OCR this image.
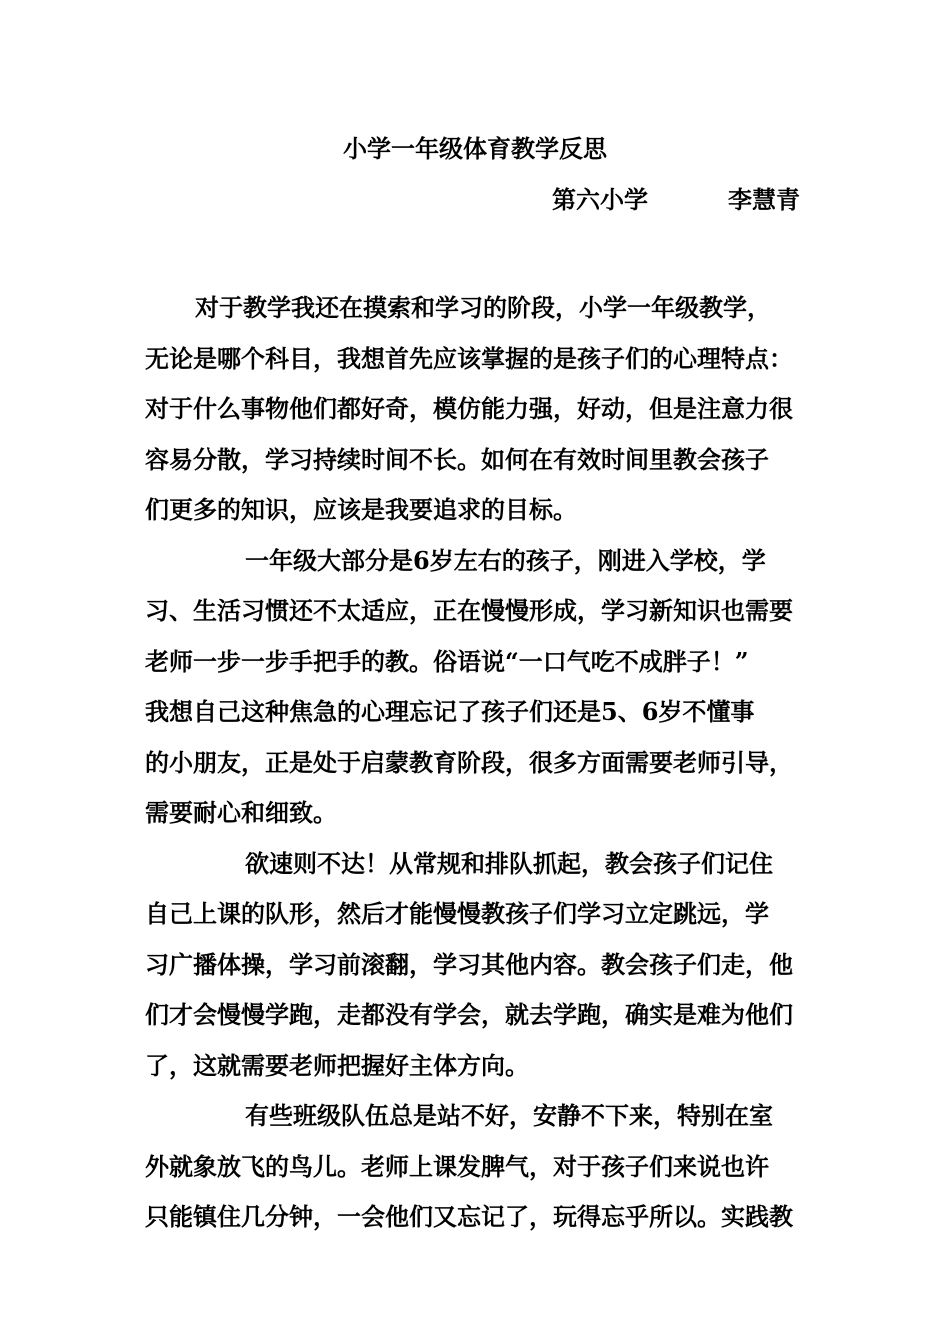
小学一年级体育教学反思
第六小学	李慧青
对于教学我还在摸索和学习的阶段，小学一年级教学，
无论是哪个科目，我想首先应该掌握的是孩子们的心理特点：
对于什么事物他们都好奇，模仿能力强，好动，但是注意力很
容易分散，学习持续时间不长。如何在有效时间里教会孩子
们更多的知识，应该是我要追求的目标。
一年级大部分是6岁左右的孩子，刚进入学校，学
习、生活习惯还不太适应，正在慢慢形成，学习新知识也需要
老师一步一步手把手的教。俗语说“一口气吃不成胖子！”
我想自己这种焦急的心理忘记了孩子们还是5、6岁不懂事
的小朋友，正是处于启蒙教育阶段，很多方面需要老师引导，
需要耐心和细致。
欲速则不达！从常规和排队抓起，教会孩子们记住
自己上课的队形，然后才能慢慢教孩子们学习立定跳远，学
习广播体操，学习前滚翻，学习其他内容。教会孩子们走，他
们才会慢慢学跑，走都没有学会，就去学跑，确实是难为他们
了，这就需要老师把握好主体方向。
有些班级队伍总是站不好，安静不下来，特别在室
外就象放飞的鸟儿。老师上课发脾气，对于孩子们来说也许
只能镇住几分钟，一会他们又忘记了，玩得忘乎所以。实践教
